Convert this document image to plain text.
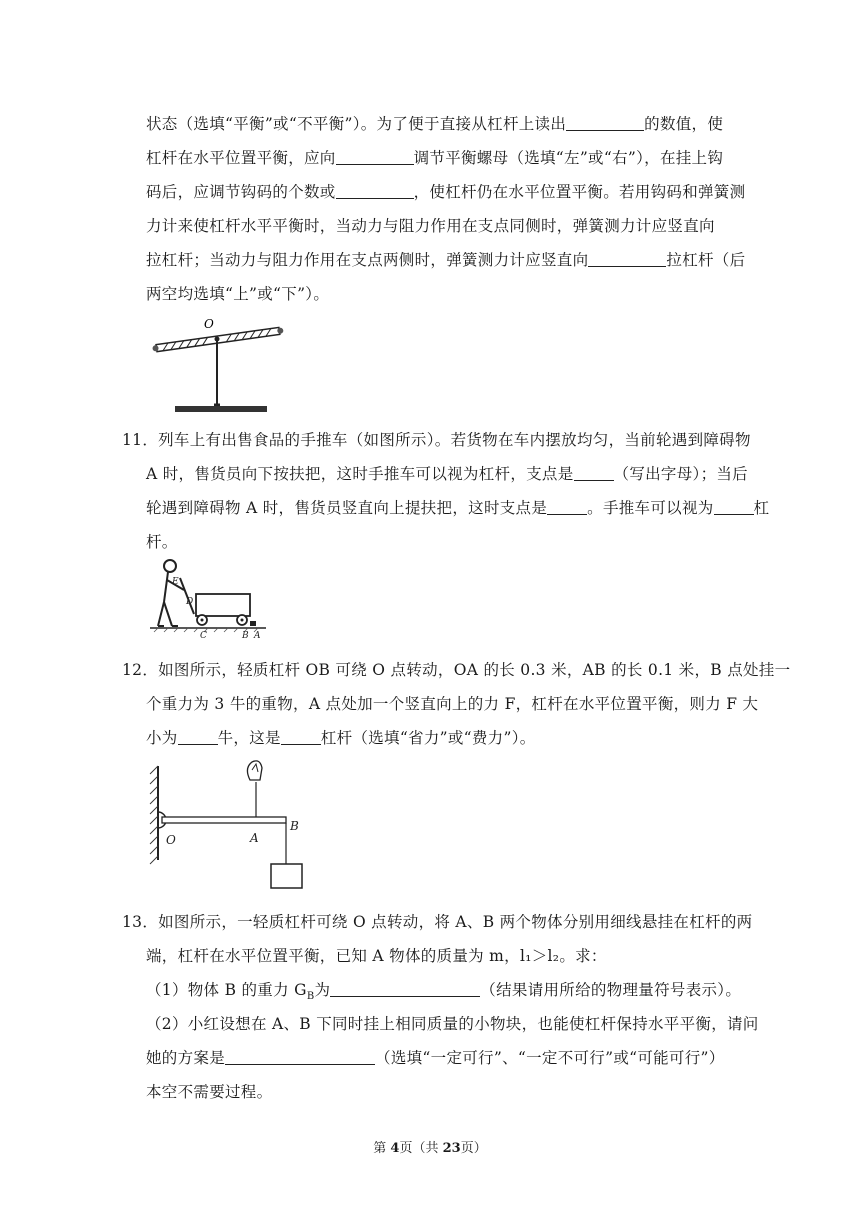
状态（选填“平衡”或“不平衡”）。为了便于直接从杠杆上读出	的数值，使
杠杆在水平位置平衡，应向	调节平衡螺母（选填“左”或“右”），在挂上钩
码后，应调节钩码的个数或	，使杠杆仍在水平位置平衡。若用钩码和弹簧测
力计来使杠杆水平平衡时，当动力与阻力作用在支点同侧时，弹簧测力计应竖直向
拉杠杆；当动力与阻力作用在支点两侧时，弹簧测力计应竖直向	拉杠杆（后
两空均选填“上”或“下”）。
O
11．列车上有出售食品的手推车（如图所示）。若货物在车内摆放均匀，当前轮遇到障碍物
A 时，售货员向下按扶把，这时手推车可以视为杠杆，支点是	（写出字母）；当后
轮遇到障碍物 A 时，售货员竖直向上提扶把，这时支点是	。手推车可以视为	杠
杆。
E
D
C	B A
12．如图所示，轻质杠杆 OB 可绕 O 点转动，OA 的长 0.3 米，AB 的长 0.1 米，B 点处挂一
个重力为 3 牛的重物，A 点处加一个竖直向上的力 F，杠杆在水平位置平衡，则力 F 大
小为	牛，这是	杠杆（选填“省力”或“费力”）。
O	A
B
13．如图所示，一轻质杠杆可绕 O 点转动，将 A、B 两个物体分别用细线悬挂在杠杆的两
端，杠杆在水平位置平衡，已知 A 物体的质量为 m，l₁＞l₂。求：
（1）物体 B 的重力 $G_B$为	（结果请用所给的物理量符号表示）。
（2）小红设想在 A、B 下同时挂上相同质量的小物块，也能使杠杆保持水平平衡，请问
她的方案是	（选填“一定可行”、“一定不可行”或“可能可行”）
本空不需要过程。
第 4页（共 23页）
